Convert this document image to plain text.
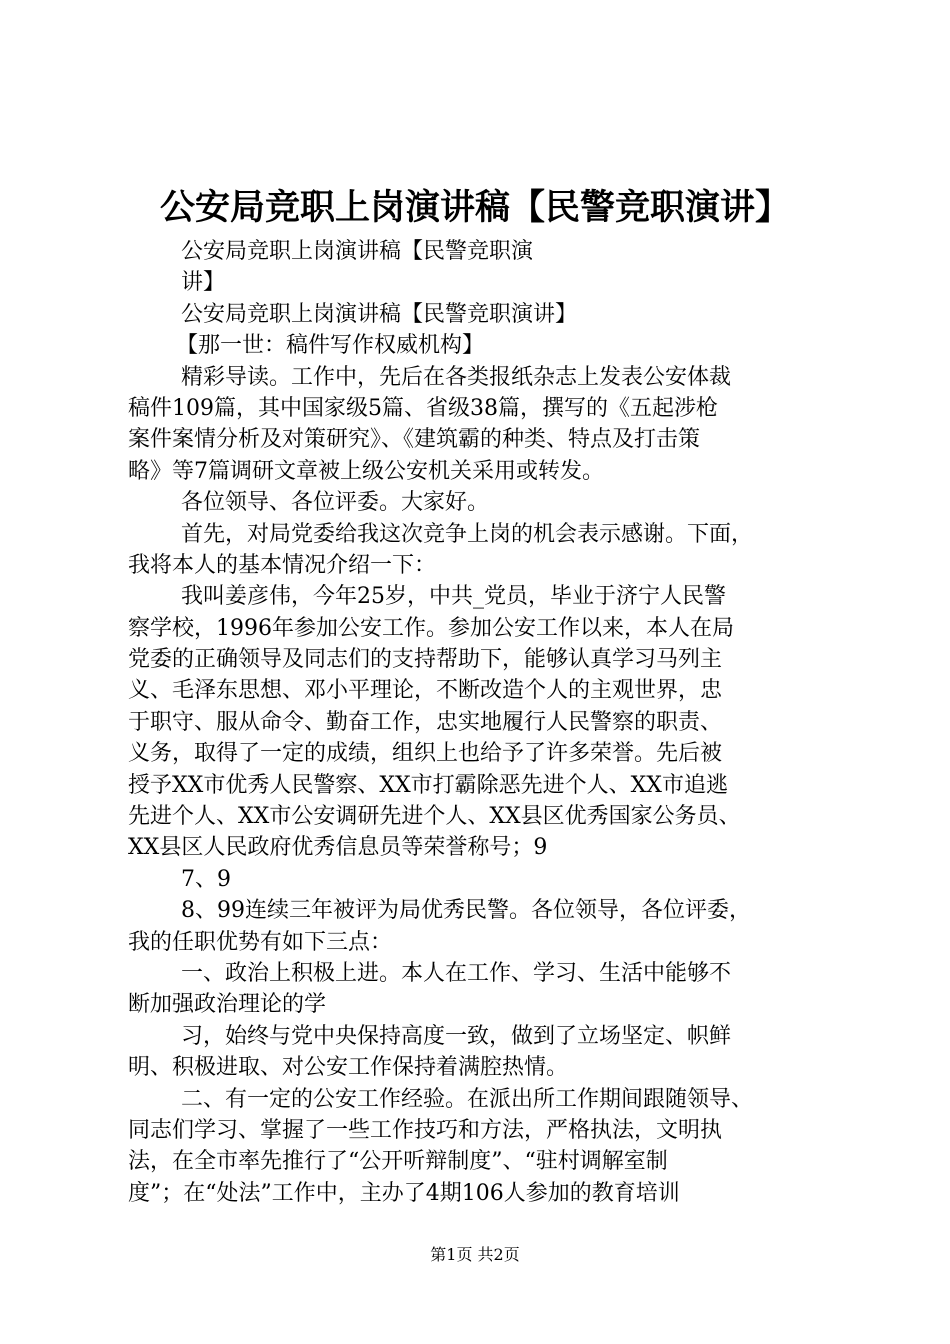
公安局竞职上岗演讲稿【民警竞职演讲】
公安局竞职上岗演讲稿【民警竞职演
讲】
公安局竞职上岗演讲稿【民警竞职演讲】
【那一世：稿件写作权威机构】
精彩导读。工作中，先后在各类报纸杂志上发表公安体裁
稿件109篇，其中国家级5篇、省级38篇，撰写的《五起涉枪
案件案情分析及对策研究》、《建筑霸的种类、特点及打击策
略》等7篇调研文章被上级公安机关采用或转发。
各位领导、各位评委。大家好。
首先，对局党委给我这次竞争上岗的机会表示感谢。下面，
我将本人的基本情况介绍一下：
我叫姜彦伟，今年25岁，中共_党员，毕业于济宁人民警
察学校，1996年参加公安工作。参加公安工作以来，本人在局
党委的正确领导及同志们的支持帮助下，能够认真学习马列主
义、毛泽东思想、邓小平理论，不断改造个人的主观世界，忠
于职守、服从命令、勤奋工作，忠实地履行人民警察的职责、
义务，取得了一定的成绩，组织上也给予了许多荣誉。先后被
授予XX市优秀人民警察、XX市打霸除恶先进个人、XX市追逃
先进个人、XX市公安调研先进个人、XX县区优秀国家公务员、
XX县区人民政府优秀信息员等荣誉称号；9
7、9
8、99连续三年被评为局优秀民警。各位领导，各位评委，
我的任职优势有如下三点：
一、政治上积极上进。本人在工作、学习、生活中能够不
断加强政治理论的学
习，始终与党中央保持高度一致，做到了立场坚定、帜鲜
明、积极进取、对公安工作保持着满腔热情。
二、有一定的公安工作经验。在派出所工作期间跟随领导、
同志们学习、掌握了一些工作技巧和方法，严格执法，文明执
法，在全市率先推行了“公开听辩制度”、“驻村调解室制
度”；在“处法”工作中，主办了4期106人参加的教育培训
第1页 共2页
